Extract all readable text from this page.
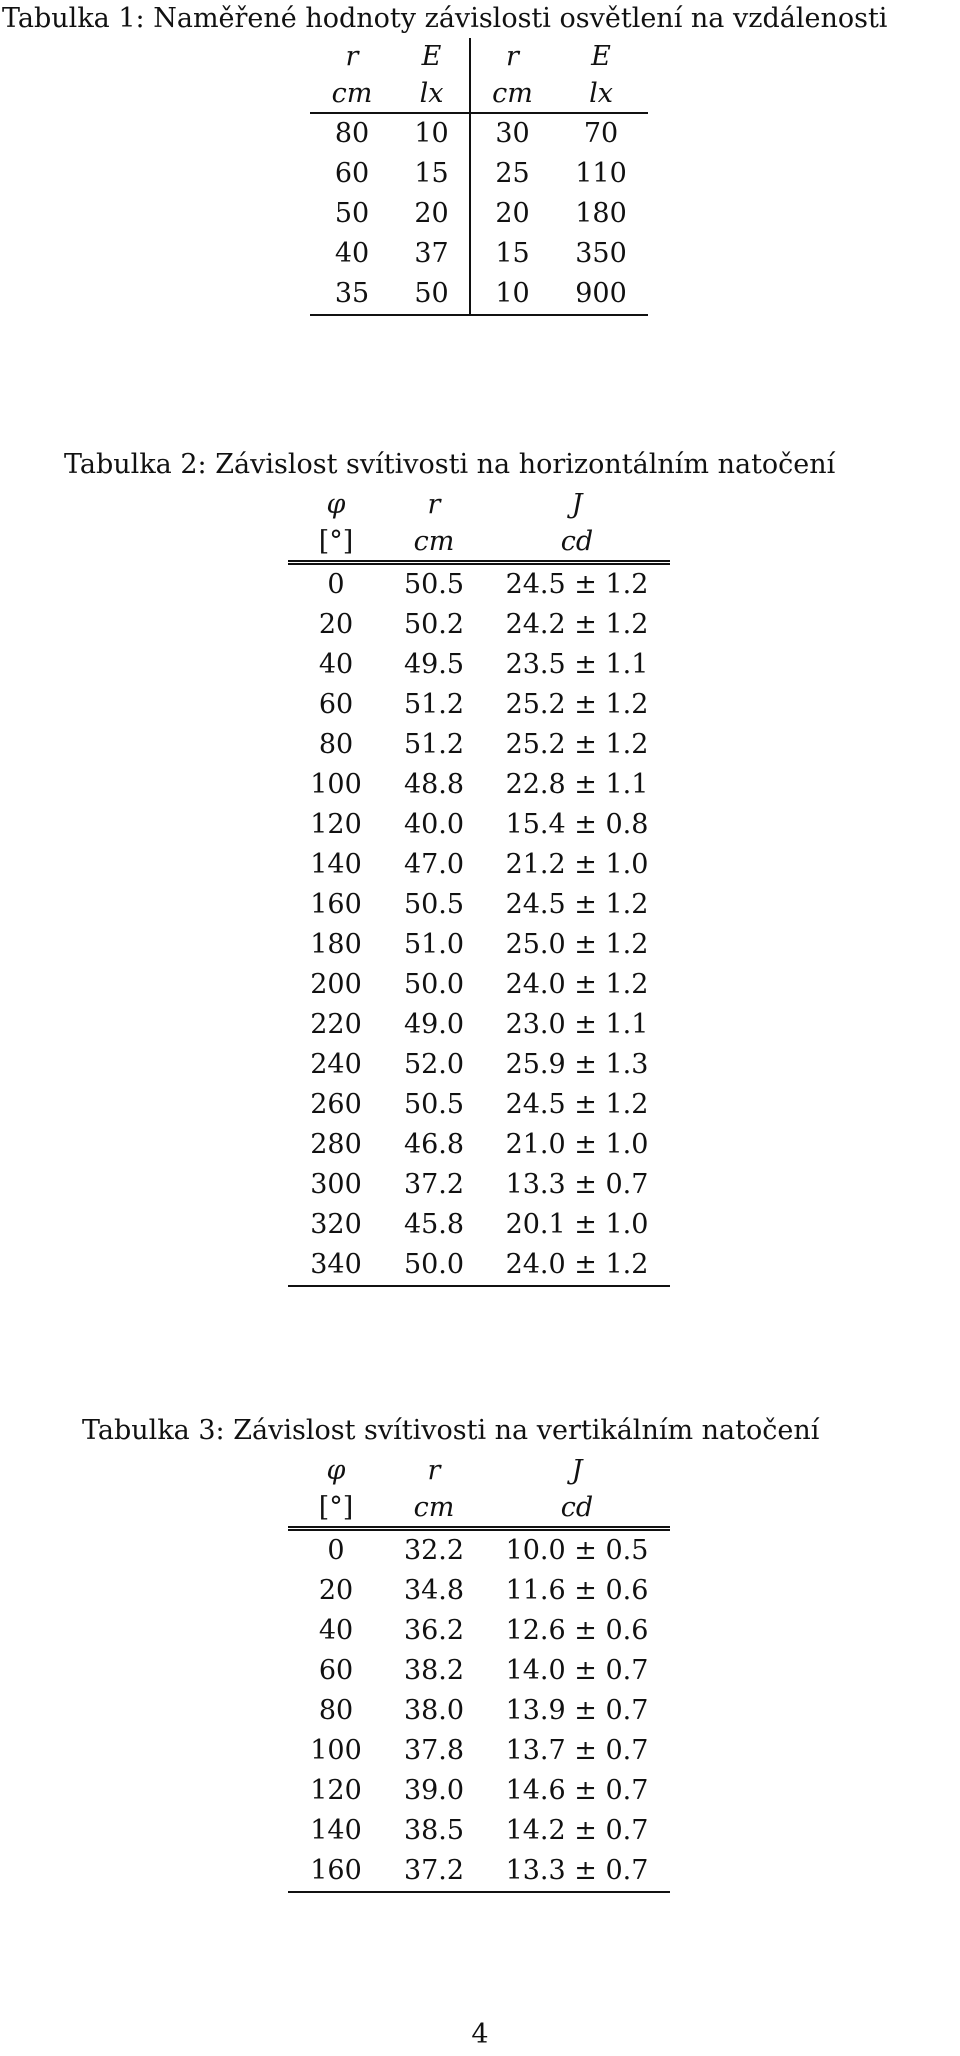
Tabulka 1: Naměřené hodnoty závislosti osvětlení na vzdálenosti
r	E	r	E
cm	lx	cm	lx
80	10	30	70
60	15	25	110
50	20	20	180
40	37	15	350
35	50	10	900
Tabulka 2: Závislost svítivosti na horizontálním natočení
φ	r	J
[°]	cm	cd
0	50.5	24.5 ± 1.2
20	50.2	24.2 ± 1.2
40	49.5	23.5 ± 1.1
60	51.2	25.2 ± 1.2
80	51.2	25.2 ± 1.2
100	48.8	22.8 ± 1.1
120	40.0	15.4 ± 0.8
140	47.0	21.2 ± 1.0
160	50.5	24.5 ± 1.2
180	51.0	25.0 ± 1.2
200	50.0	24.0 ± 1.2
220	49.0	23.0 ± 1.1
240	52.0	25.9 ± 1.3
260	50.5	24.5 ± 1.2
280	46.8	21.0 ± 1.0
300	37.2	13.3 ± 0.7
320	45.8	20.1 ± 1.0
340	50.0	24.0 ± 1.2
Tabulka 3: Závislost svítivosti na vertikálním natočení
φ	r	J
[°]	cm	cd
0	32.2	10.0 ± 0.5
20	34.8	11.6 ± 0.6
40	36.2	12.6 ± 0.6
60	38.2	14.0 ± 0.7
80	38.0	13.9 ± 0.7
100	37.8	13.7 ± 0.7
120	39.0	14.6 ± 0.7
140	38.5	14.2 ± 0.7
160	37.2	13.3 ± 0.7
4
